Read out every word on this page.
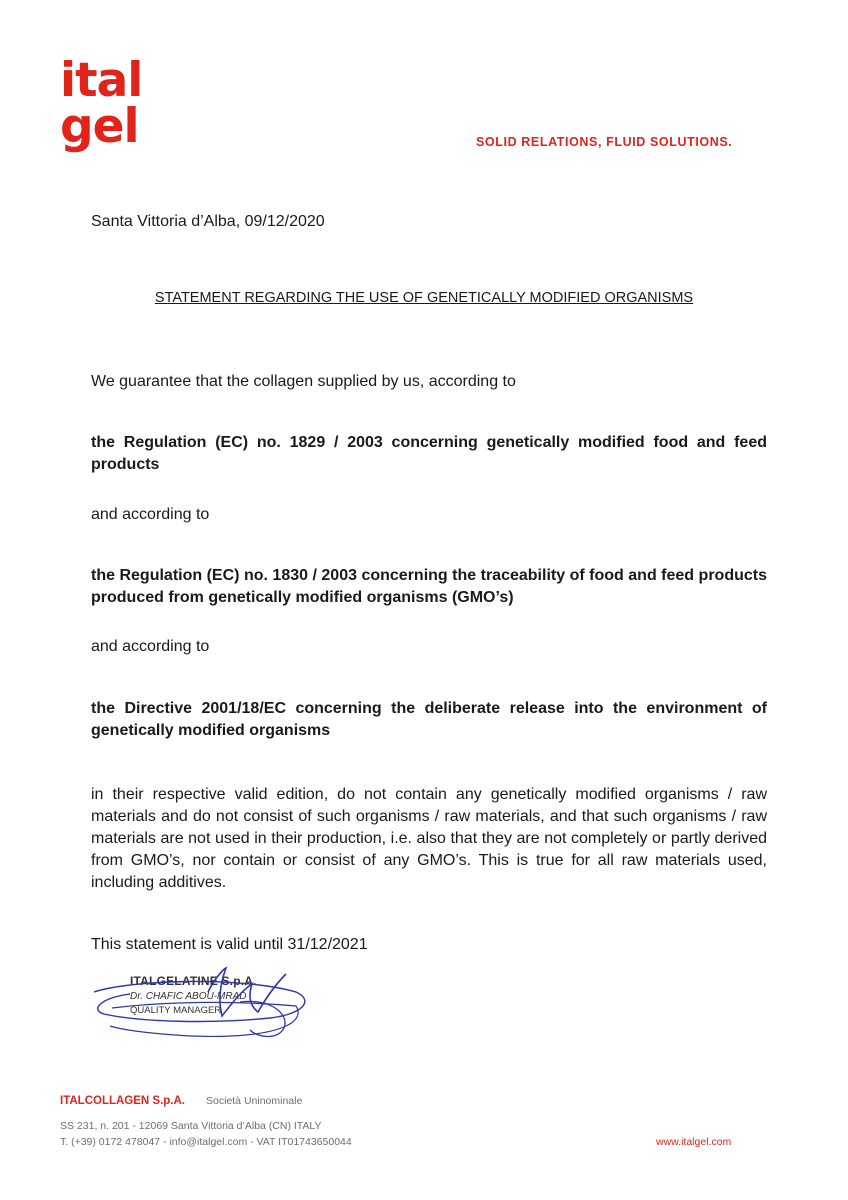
ital
gel	SOLID RELATIONS, FLUID SOLUTIONS.

Santa Vittoria d’Alba, 09/12/2020

STATEMENT REGARDING THE USE OF GENETICALLY MODIFIED ORGANISMS

We guarantee that the collagen supplied by us, according to

the Regulation (EC) no. 1829 / 2003 concerning genetically modified food and feed products

and according to

the Regulation (EC) no. 1830 / 2003 concerning the traceability of food and feed products produced from genetically modified organisms (GMO’s)

and according to

the Directive 2001/18/EC concerning the deliberate release into the environment of genetically modified organisms

in their respective valid edition, do not contain any genetically modified organisms / raw materials and do not consist of such organisms / raw materials, and that such organisms / raw materials are not used in their production, i.e. also that they are not completely or partly derived from GMO’s, nor contain or consist of any GMO’s. This is true for all raw materials used, including additives.

This statement is valid until 31/12/2021

ITALGELATINE S.p.A.
Dr. CHAFIC ABOU-MRAD
QUALITY MANAGER
ITALCOLLAGEN S.p.A. Società Uninominale
SS 231, n. 201 - 12069 Santa Vittoria d’Alba (CN) ITALY
T. (+39) 0172 478047 - info@italgel.com - VAT IT01743650044	www.italgel.com
